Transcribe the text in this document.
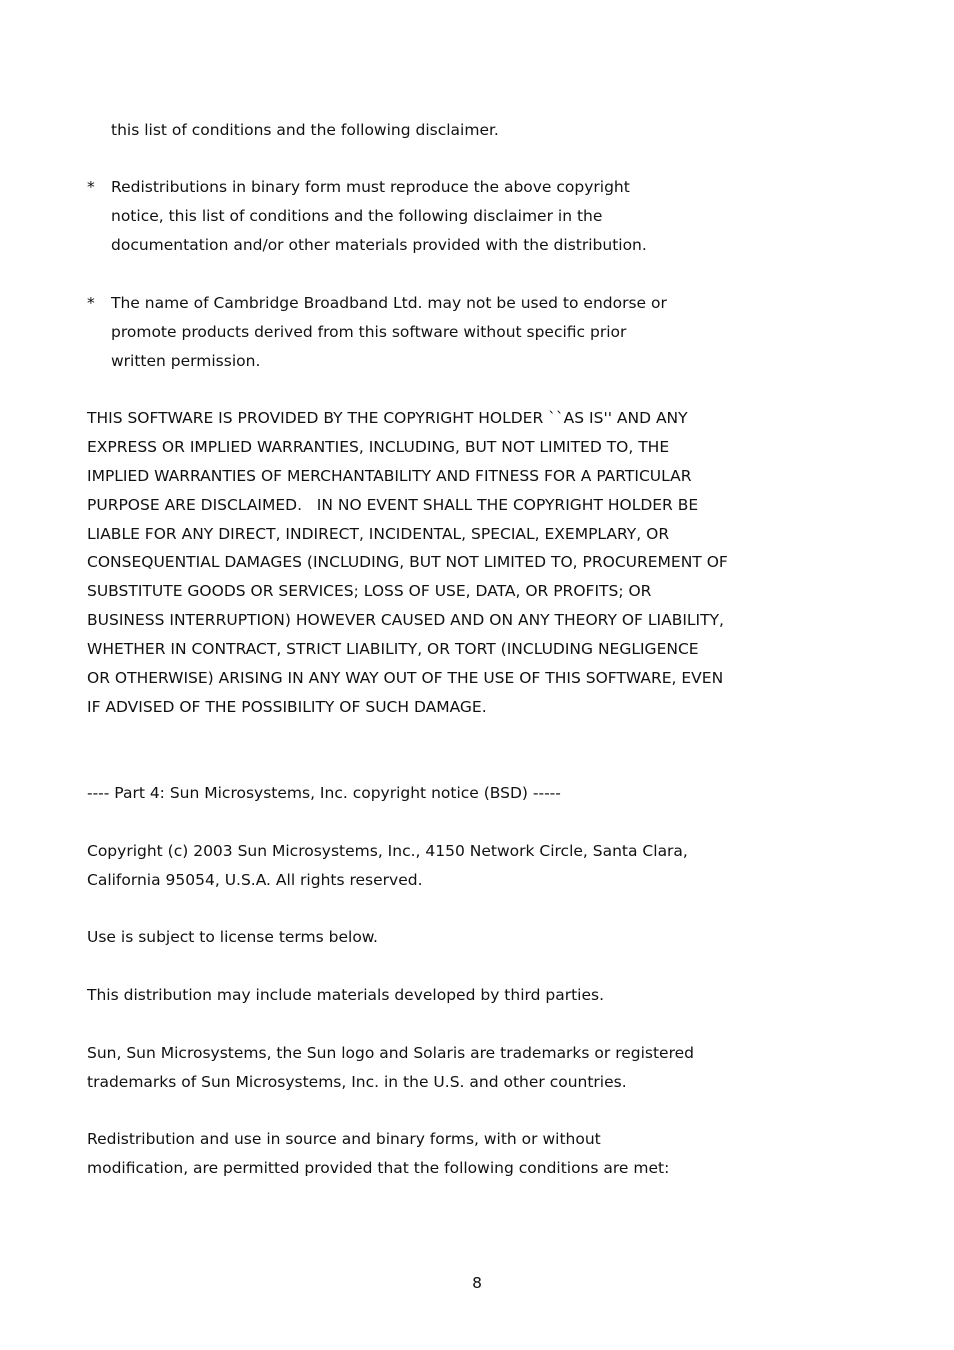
this list of conditions and the following disclaimer.
* Redistributions in binary form must reproduce the above copyright
notice, this list of conditions and the following disclaimer in the
documentation and/or other materials provided with the distribution.
* The name of Cambridge Broadband Ltd. may not be used to endorse or
promote products derived from this software without specific prior
written permission.
THIS SOFTWARE IS PROVIDED BY THE COPYRIGHT HOLDER ``AS IS'' AND ANY
EXPRESS OR IMPLIED WARRANTIES, INCLUDING, BUT NOT LIMITED TO, THE
IMPLIED WARRANTIES OF MERCHANTABILITY AND FITNESS FOR A PARTICULAR
PURPOSE ARE DISCLAIMED.   IN NO EVENT SHALL THE COPYRIGHT HOLDER BE
LIABLE FOR ANY DIRECT, INDIRECT, INCIDENTAL, SPECIAL, EXEMPLARY, OR
CONSEQUENTIAL DAMAGES (INCLUDING, BUT NOT LIMITED TO, PROCUREMENT OF
SUBSTITUTE GOODS OR SERVICES; LOSS OF USE, DATA, OR PROFITS; OR
BUSINESS INTERRUPTION) HOWEVER CAUSED AND ON ANY THEORY OF LIABILITY,
WHETHER IN CONTRACT, STRICT LIABILITY, OR TORT (INCLUDING NEGLIGENCE
OR OTHERWISE) ARISING IN ANY WAY OUT OF THE USE OF THIS SOFTWARE, EVEN
IF ADVISED OF THE POSSIBILITY OF SUCH DAMAGE.
---- Part 4: Sun Microsystems, Inc. copyright notice (BSD) -----
Copyright (c) 2003 Sun Microsystems, Inc., 4150 Network Circle, Santa Clara,
California 95054, U.S.A. All rights reserved.
Use is subject to license terms below.
This distribution may include materials developed by third parties.
Sun, Sun Microsystems, the Sun logo and Solaris are trademarks or registered
trademarks of Sun Microsystems, Inc. in the U.S. and other countries.
Redistribution and use in source and binary forms, with or without
modification, are permitted provided that the following conditions are met:
8
